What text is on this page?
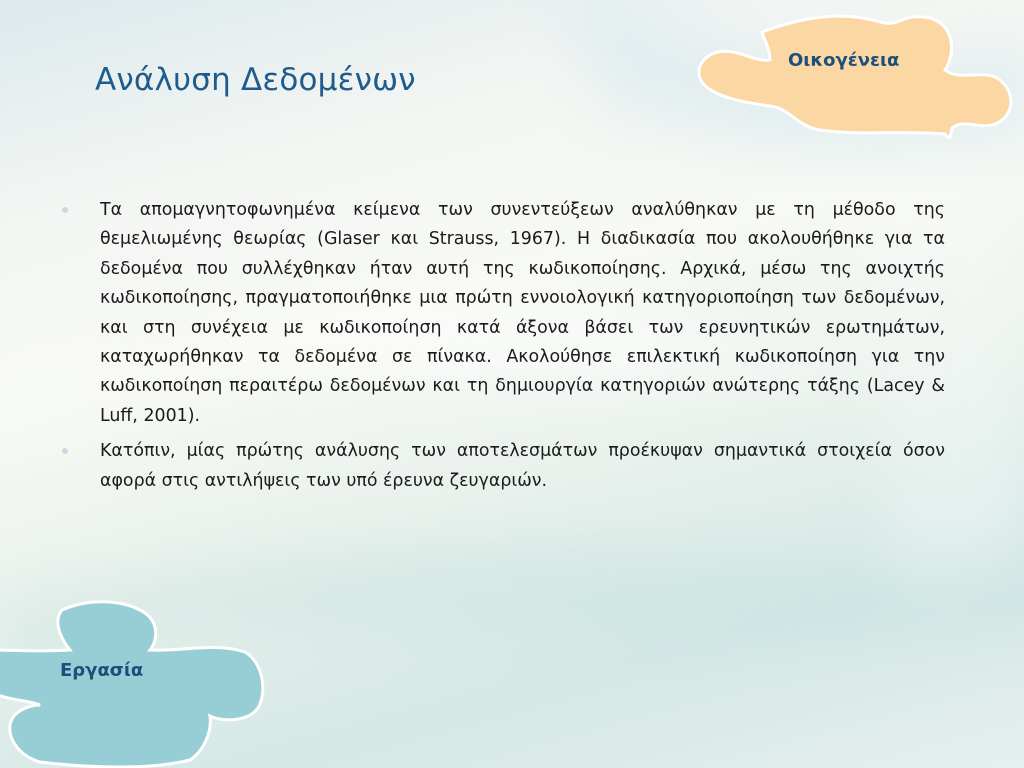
Οικογένεια

Εργασία

Ανάλυση Δεδομένων
Τα απομαγνητοφωνημένα κείμενα των συνεντεύξεων αναλύθηκαν με τη μέθοδο της θεμελιωμένης θεωρίας (Glaser και Strauss, 1967). Η διαδικασία που ακολουθήθηκε για τα δεδομένα που συλλέχθηκαν ήταν αυτή της κωδικοποίησης. Αρχικά, μέσω της ανοιχτής κωδικοποίησης, πραγματοποιήθηκε μια πρώτη εννοιολογική κατηγοριοποίηση των δεδομένων, και στη συνέχεια με κωδικοποίηση κατά άξονα βάσει των ερευνητικών ερωτημάτων, καταχωρήθηκαν τα δεδομένα σε πίνακα. Ακολούθησε επιλεκτική κωδικοποίηση για την κωδικοποίηση περαιτέρω δεδομένων και τη δημιουργία κατηγοριών ανώτερης τάξης (Lacey & Luff, 2001).
Κατόπιν, μίας πρώτης ανάλυσης των αποτελεσμάτων προέκυψαν σημαντικά στοιχεία όσον αφορά στις αντιλήψεις των υπό έρευνα ζευγαριών.
